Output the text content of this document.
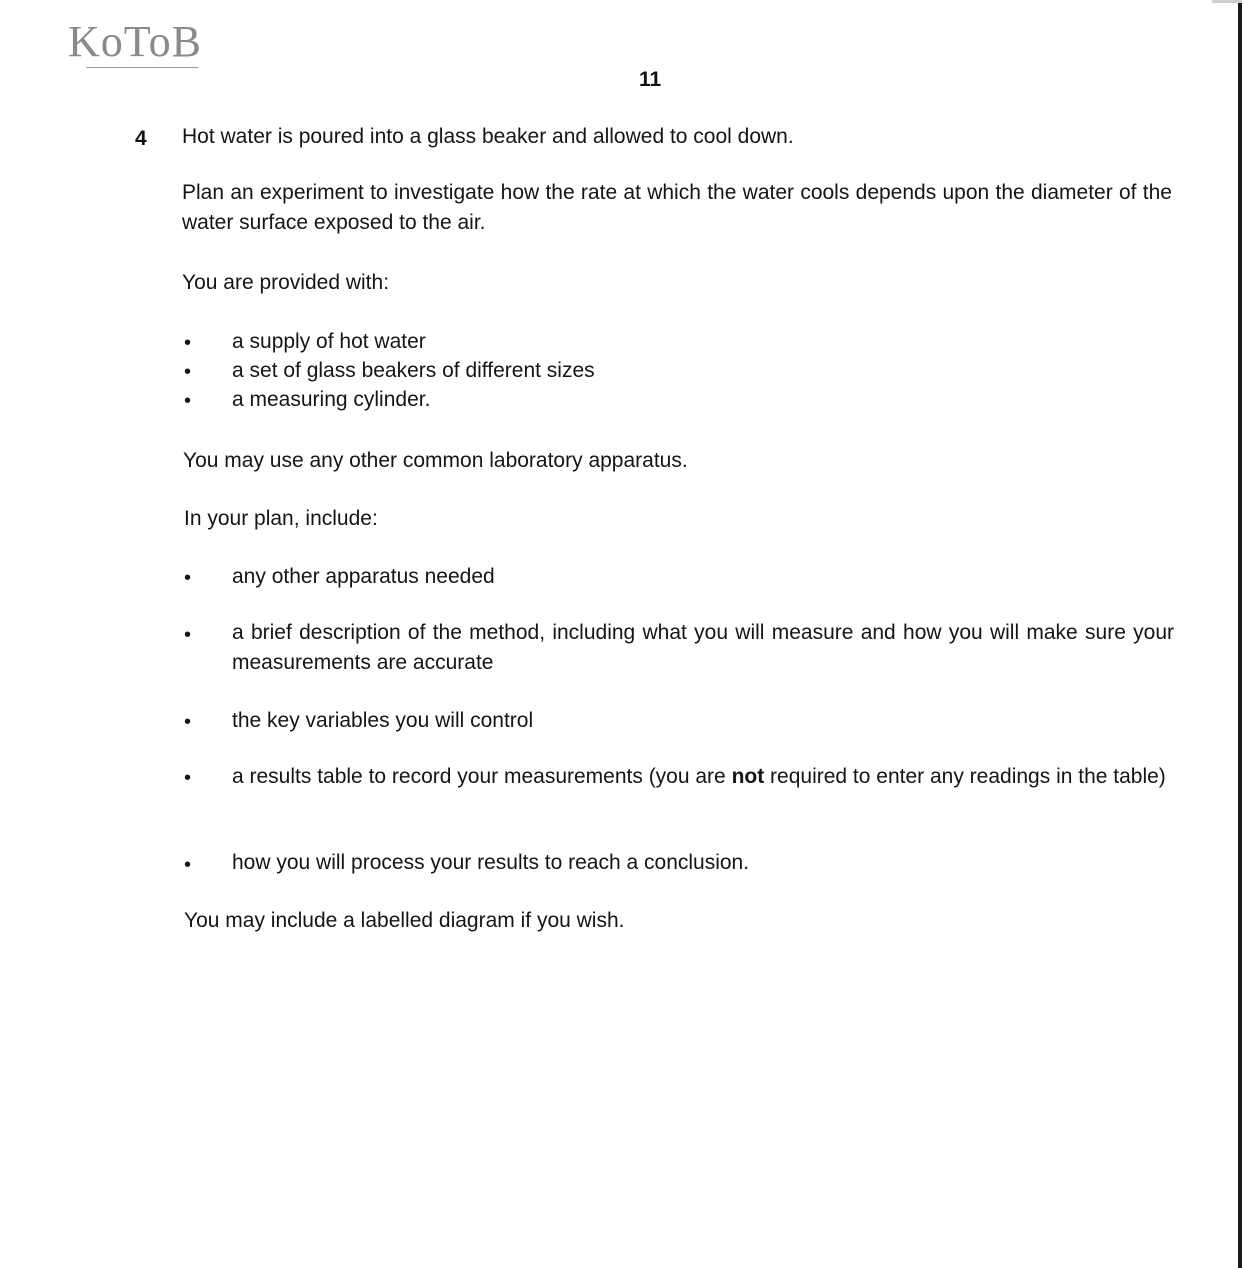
KoToB
11
4 Hot water is poured into a glass beaker and allowed to cool down.
Plan an experiment to investigate how the rate at which the water cools depends upon the diameter of the water surface exposed to the air.
You are provided with:
• a supply of hot water
• a set of glass beakers of different sizes
• a measuring cylinder.
You may use any other common laboratory apparatus.
In your plan, include:
• any other apparatus needed
• a brief description of the method, including what you will measure and how you will make sure your measurements are accurate
• the key variables you will control
• a results table to record your measurements (you are not required to enter any readings in the table)
• how you will process your results to reach a conclusion.
You may include a labelled diagram if you wish.
